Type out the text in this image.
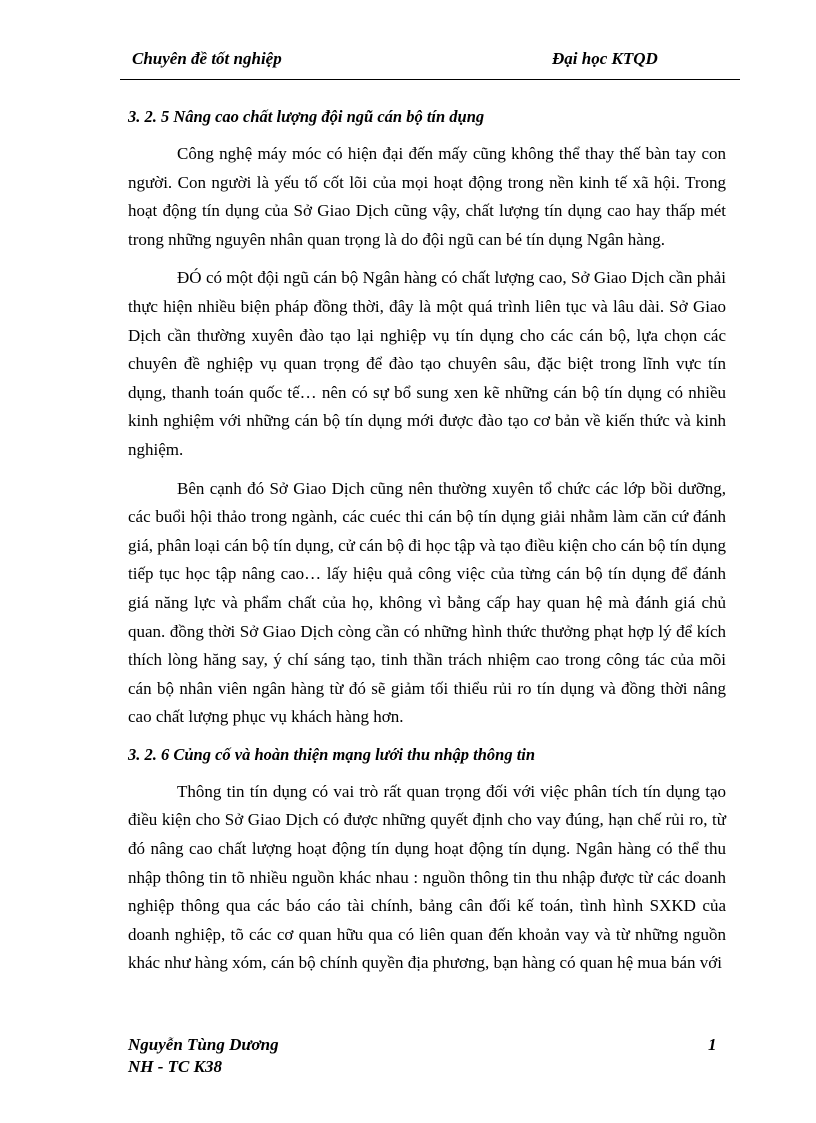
Chuyên đề tốt nghiệp	Đại học KTQD
3. 2. 5 Nâng cao chất lượng đội ngũ cán bộ tín dụng

Công nghệ máy móc có hiện đại đến mấy cũng không thể thay thế bàn tay con người. Con người là yếu tố cốt lõi của mọi hoạt động trong nền kinh tế xã hội. Trong hoạt động tín dụng của Sở Giao Dịch cũng vậy, chất lượng tín dụng cao hay thấp mét trong những nguyên nhân quan trọng là do đội ngũ can bé tín dụng Ngân hàng.

ĐÓ có một đội ngũ cán bộ Ngân hàng có chất lượng cao, Sở Giao Dịch cần phải thực hiện nhiều biện pháp đồng thời, đây là một quá trình liên tục và lâu dài. Sở Giao Dịch cần thường xuyên đào tạo lại nghiệp vụ tín dụng cho các cán bộ, lựa chọn các chuyên đề nghiệp vụ quan trọng để đào tạo chuyên sâu, đặc biệt trong lĩnh vực tín dụng, thanh toán quốc tế… nên có sự bổ sung xen kẽ những cán bộ tín dụng có nhiều kinh nghiệm với những cán bộ tín dụng mới được đào tạo cơ bản về kiến thức và kinh nghiệm.

Bên cạnh đó Sở Giao Dịch cũng nên thường xuyên tổ chức các lớp bồi dưỡng, các buổi hội thảo trong ngành, các cuéc thi cán bộ tín dụng giải nhằm làm căn cứ đánh giá, phân loại cán bộ tín dụng, cử cán bộ đi học tập và tạo điều kiện cho cán bộ tín dụng tiếp tục học tập nâng cao… lấy hiệu quả công việc của từng cán bộ tín dụng để đánh giá năng lực và phẩm chất của họ, không vì bằng cấp hay quan hệ mà đánh giá chủ quan. đồng thời Sở Giao Dịch còng cần có những hình thức thưởng phạt hợp lý để kích thích lòng hăng say, ý chí sáng tạo, tinh thần trách nhiệm cao trong công tác của mõi cán bộ nhân viên ngân hàng từ đó sẽ giảm tối thiểu rủi ro tín dụng và đồng thời nâng cao chất lượng phục vụ khách hàng hơn.

3. 2. 6 Củng cố và hoàn thiện mạng lưới thu nhập thông tin

Thông tin tín dụng có vai trò rất quan trọng đối với việc phân tích tín dụng tạo điều kiện cho Sở Giao Dịch có được những quyết định cho vay đúng, hạn chế rủi ro, từ đó nâng cao chất lượng hoạt động tín dụng hoạt động tín dụng. Ngân hàng có thể thu nhập thông tin tõ nhiều nguồn khác nhau : nguồn thông tin thu nhập được từ các doanh nghiệp thông qua các báo cáo tài chính, bảng cân đối kế toán, tình hình SXKD của doanh nghiệp, tõ các cơ quan hữu qua có liên quan đến khoản vay và từ những nguồn khác như hàng xóm, cán bộ chính quyền địa phương, bạn hàng có quan hệ mua bán với

Nguyễn Tùng Dương
NH - TC K38
1
